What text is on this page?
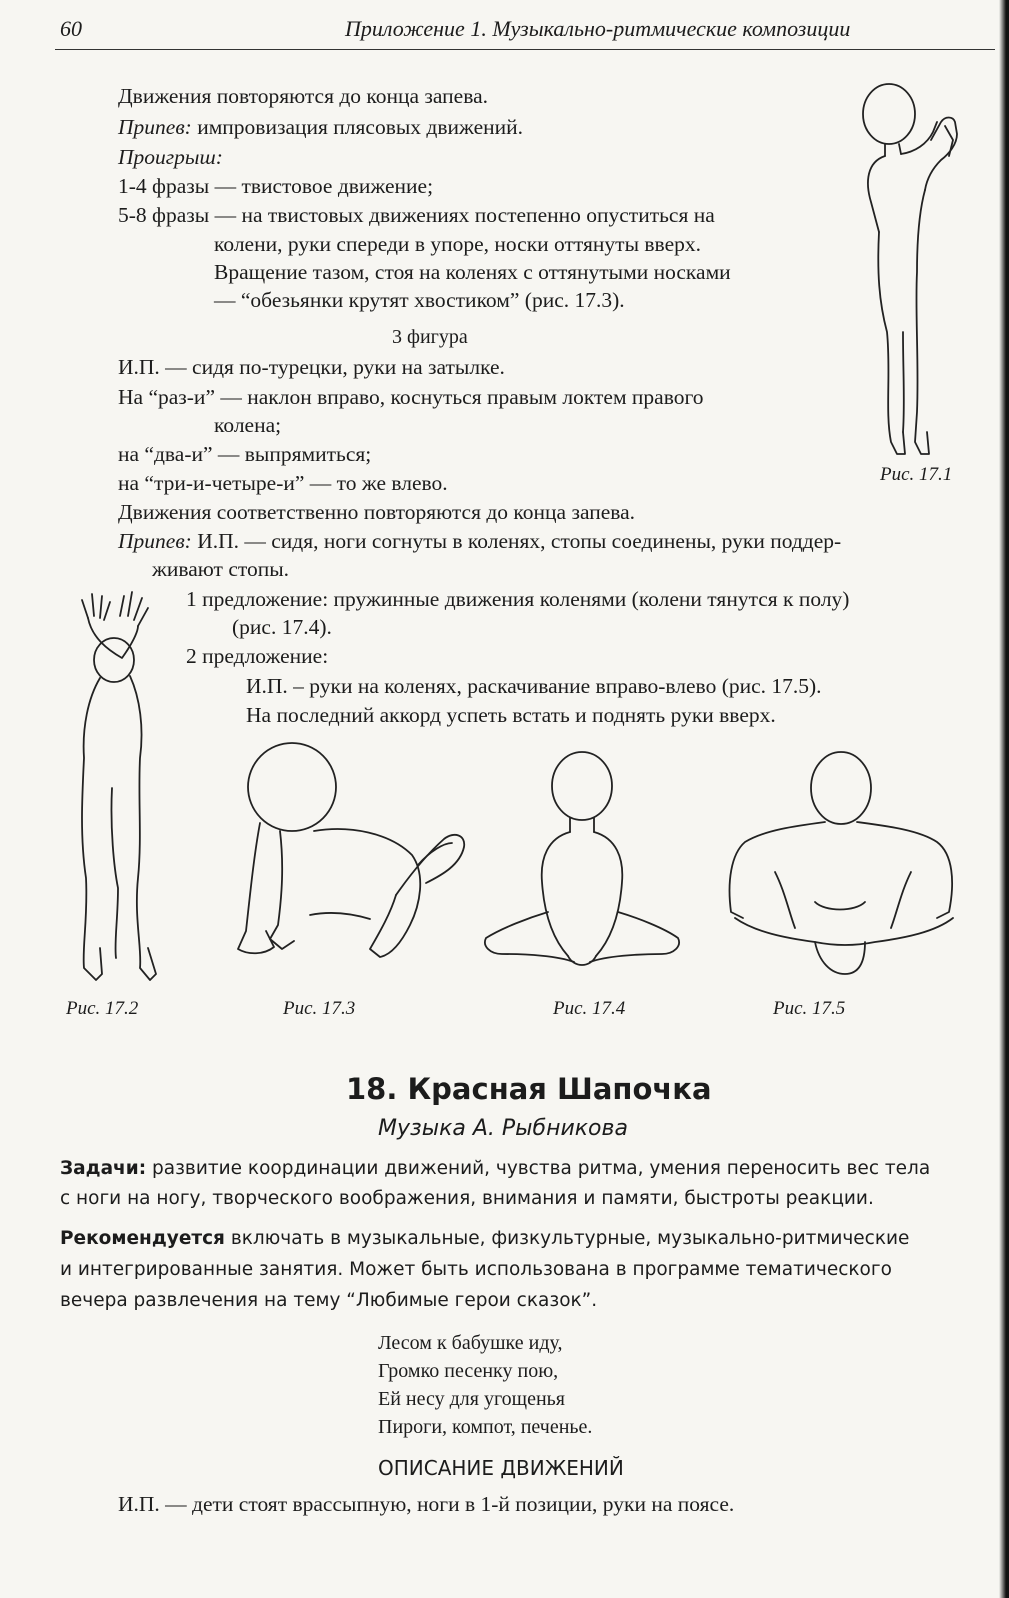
60	Приложение 1. Музыкально-ритмические композиции
Движения повторяются до конца запева.
Припев: импровизация плясовых движений.
Проигрыш:
1-4 фразы — твистовое движение;
5-8 фразы — на твистовых движениях постепенно опуститься на
колени, руки спереди в упоре, носки оттянуты вверх.
Вращение тазом, стоя на коленях с оттянутыми носками
— “обезьянки крутят хвостиком” (рис. 17.3).
3 фигура
И.П. — сидя по-турецки, руки на затылке.
На “раз-и” — наклон вправо, коснуться правым локтем правого
колена;
на “два-и” — выпрямиться;
на “три-и-четыре-и” — то же влево.
Движения соответственно повторяются до конца запева.
Припев: И.П. — сидя, ноги согнуты в коленях, стопы соединены, руки поддер-
живают стопы.
1 предложение: пружинные движения коленями (колени тянутся к полу)
(рис. 17.4).
2 предложение:
И.П. – руки на коленях, раскачивание вправо-влево (рис. 17.5).
На последний аккорд успеть встать и поднять руки вверх.
Рис. 17.1
Рис. 17.2	Рис. 17.3	Рис. 17.4	Рис. 17.5
18. Красная Шапочка
Музыка А. Рыбникова
Задачи: развитие координации движений, чувства ритма, умения переносить вес тела
с ноги на ногу, творческого воображения, внимания и памяти, быстроты реакции.
Рекомендуется включать в музыкальные, физкультурные, музыкально-ритмические
и интегрированные занятия. Может быть использована в программе тематического
вечера развлечения на тему “Любимые герои сказок”.
Лесом к бабушке иду,
Громко песенку пою,
Ей несу для угощенья
Пироги, компот, печенье.
ОПИСАНИЕ ДВИЖЕНИЙ
И.П. — дети стоят врассыпную, ноги в 1-й позиции, руки на поясе.
